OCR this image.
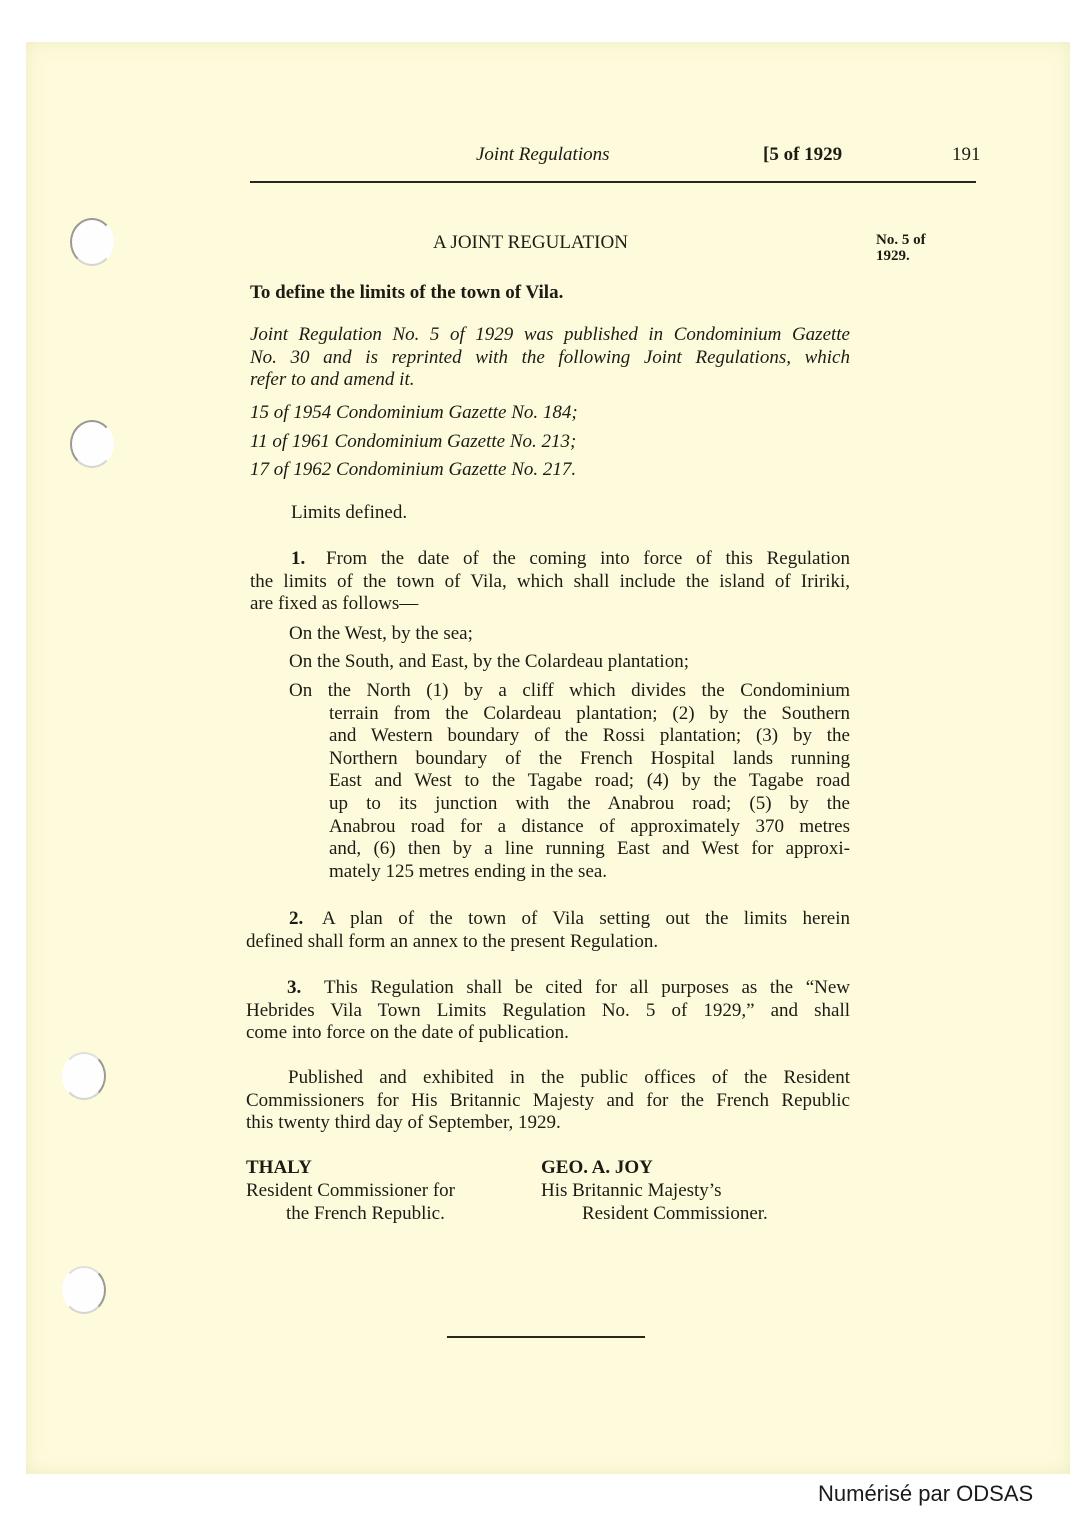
Joint Regulations	[5 of 1929	191
A JOINT REGULATION	No. 5 of
1929.
To define the limits of the town of Vila.
Joint Regulation No. 5 of 1929 was published in Condominium Gazette
No. 30 and is reprinted with the following Joint Regulations, which
refer to and amend it.
15 of 1954 Condominium Gazette No. 184;
11 of 1961 Condominium Gazette No. 213;
17 of 1962 Condominium Gazette No. 217.
Limits defined.
1.	From the date of the coming into force of this Regulation
the limits of the town of Vila, which shall include the island of Iririki,
are fixed as follows—
On the West, by the sea;
On the South, and East, by the Colardeau plantation;
On the North (1) by a cliff which divides the Condominium
terrain from the Colardeau plantation; (2) by the Southern
and Western boundary of the Rossi plantation; (3) by the
Northern boundary of the French Hospital lands running
East and West to the Tagabe road; (4) by the Tagabe road
up to its junction with the Anabrou road; (5) by the
Anabrou road for a distance of approximately 370 metres
and, (6) then by a line running East and West for approxi-
mately 125 metres ending in the sea.
2. A plan of the town of Vila setting out the limits herein
defined shall form an annex to the present Regulation.
3.	This Regulation shall be cited for all purposes as the “New
Hebrides Vila Town Limits Regulation No. 5 of 1929,” and shall
come into force on the date of publication.
Published and exhibited in the public offices of the Resident
Commissioners for His Britannic Majesty and for the French Republic
this twenty third day of September, 1929.
THALY
Resident Commissioner for
the French Republic.
GEO. A. JOY
His Britannic Majesty’s
Resident Commissioner.
Numérisé par ODSAS
